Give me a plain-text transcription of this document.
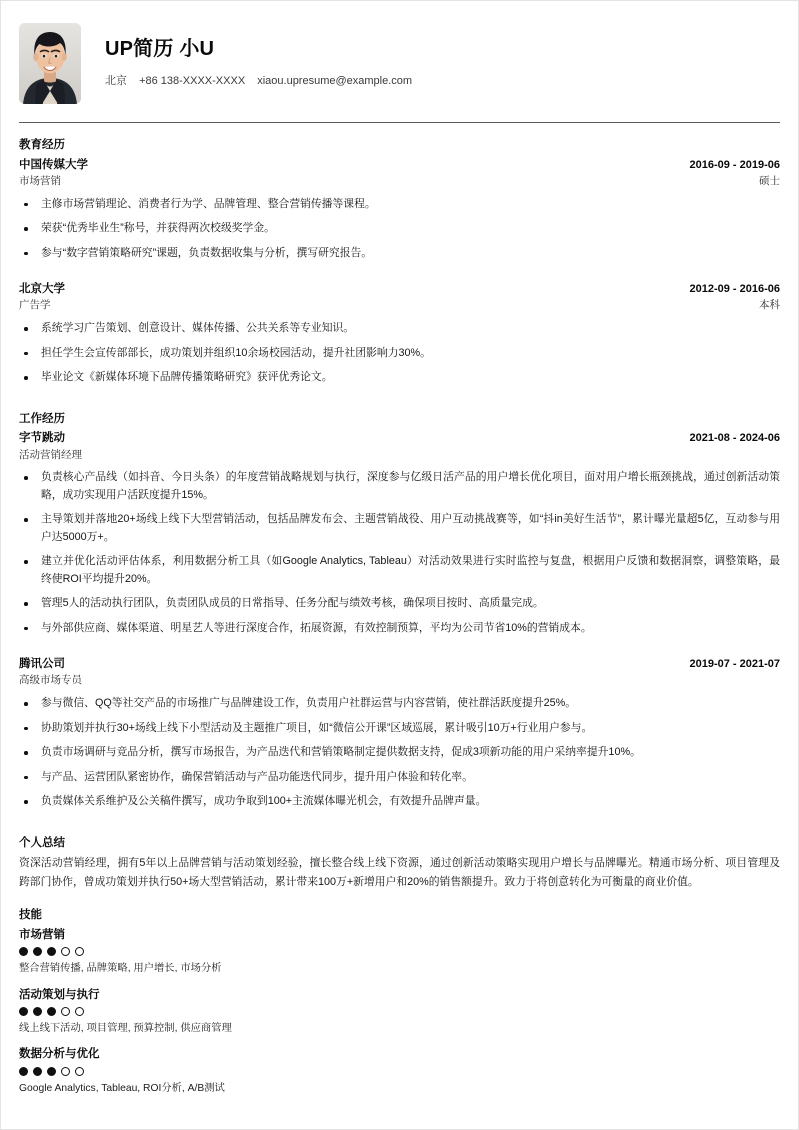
UP简历 小U

北京 +86 138-XXXX-XXXX xiaou.upresume@example.com

教育经历
中国传媒大学	2016-09 - 2019-06
市场营销	硕士
主修市场营销理论、消费者行为学、品牌管理、整合营销传播等课程。
荣获“优秀毕业生”称号，并获得两次校级奖学金。
参与“数字营销策略研究”课题，负责数据收集与分析，撰写研究报告。
北京大学	2012-09 - 2016-06
广告学	本科
系统学习广告策划、创意设计、媒体传播、公共关系等专业知识。
担任学生会宣传部部长，成功策划并组织10余场校园活动，提升社团影响力30%。
毕业论文《新媒体环境下品牌传播策略研究》获评优秀论文。
工作经历
字节跳动	2021-08 - 2024-06
活动营销经理
负责核心产品线（如抖音、今日头条）的年度营销战略规划与执行，深度参与亿级日活产品的用户增长优化项目，面对用户增长瓶颈挑战，通过创新活动策略，成功实现用户活跃度提升15%。
主导策划并落地20+场线上线下大型营销活动，包括品牌发布会、主题营销战役、用户互动挑战赛等，如“抖in美好生活节”，累计曝光量超5亿，互动参与用户达5000万+。
建立并优化活动评估体系，利用数据分析工具（如Google Analytics, Tableau）对活动效果进行实时监控与复盘，根据用户反馈和数据洞察，调整策略，最终使ROI平均提升20%。
管理5人的活动执行团队，负责团队成员的日常指导、任务分配与绩效考核，确保项目按时、高质量完成。
与外部供应商、媒体渠道、明星艺人等进行深度合作，拓展资源，有效控制预算，平均为公司节省10%的营销成本。
腾讯公司	2019-07 - 2021-07
高级市场专员
参与微信、QQ等社交产品的市场推广与品牌建设工作，负责用户社群运营与内容营销，使社群活跃度提升25%。
协助策划并执行30+场线上线下小型活动及主题推广项目，如“微信公开课”区域巡展，累计吸引10万+行业用户参与。
负责市场调研与竞品分析，撰写市场报告，为产品迭代和营销策略制定提供数据支持，促成3项新功能的用户采纳率提升10%。
与产品、运营团队紧密协作，确保营销活动与产品功能迭代同步，提升用户体验和转化率。
负责媒体关系维护及公关稿件撰写，成功争取到100+主流媒体曝光机会，有效提升品牌声量。
个人总结

资深活动营销经理，拥有5年以上品牌营销与活动策划经验，擅长整合线上线下资源，通过创新活动策略实现用户增长与品牌曝光。精通市场分析、项目管理及跨部门协作，曾成功策划并执行50+场大型营销活动，累计带来100万+新增用户和20%的销售额提升。致力于将创意转化为可衡量的商业价值。

技能
市场营销
整合营销传播, 品牌策略, 用户增长, 市场分析
活动策划与执行
线上线下活动, 项目管理, 预算控制, 供应商管理
数据分析与优化
Google Analytics, Tableau, ROI分析, A/B测试
